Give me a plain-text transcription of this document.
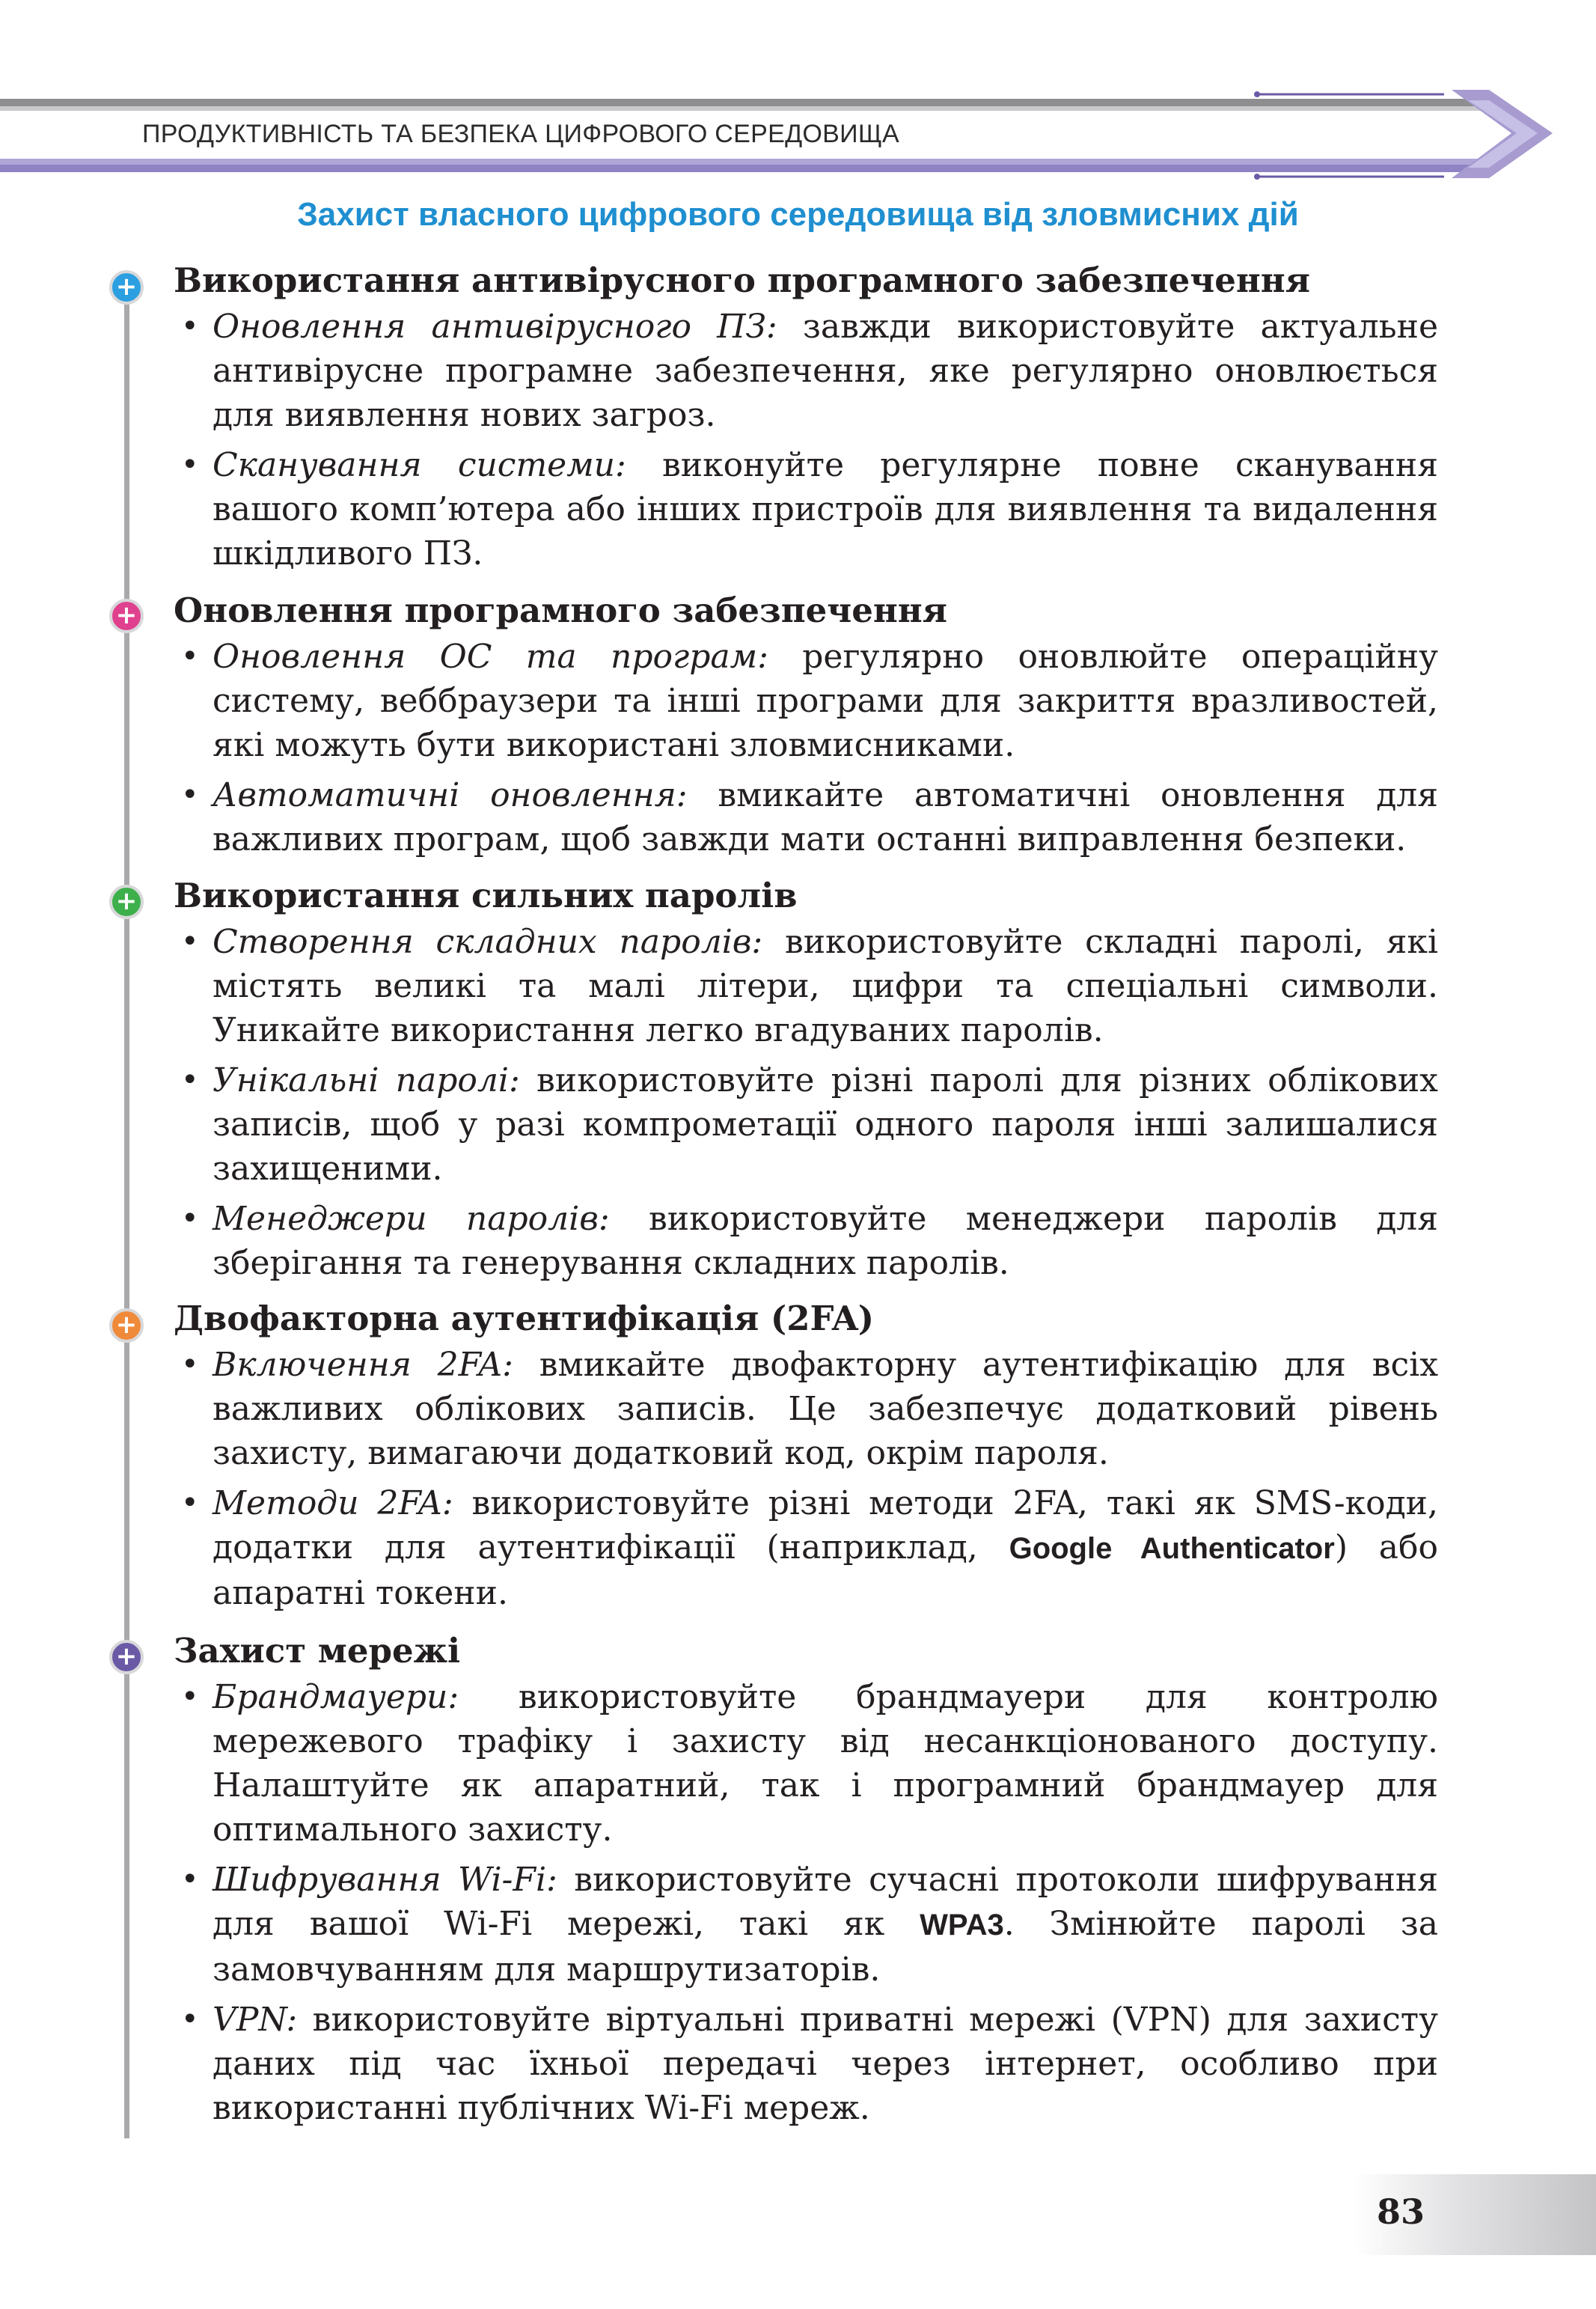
ПРОДУКТИВНІСТЬ ТА БЕЗПЕКА ЦИФРОВОГО СЕРЕДОВИЩА
Захист власного цифрового середовища від зловмисних дій
+
+
+
+
+
Використання антивірусного програмного забезпечення
• Оновлення антивірусного ПЗ: завжди використовуйте актуальне антивірусне програмне забезпечення, яке регулярно оновлюється для виявлення нових загроз.
• Сканування системи: виконуйте регулярне повне сканування вашого комп’ютера або інших пристроїв для виявлення та видалення шкідливого ПЗ.
Оновлення програмного забезпечення
• Оновлення ОС та програм: регулярно оновлюйте операційну систему, веббраузери та інші програми для закриття вразливостей, які можуть бути використані зловмисниками.
• Автоматичні оновлення: вмикайте автоматичні оновлення для важливих програм, щоб завжди мати останні виправлення безпеки.
Використання сильних паролів
• Створення складних паролів: використовуйте складні паролі, які містять великі та малі літери, цифри та спеціальні символи. Уникайте використання легко вгадуваних паролів.
• Унікальні паролі: використовуйте різні паролі для різних облікових записів, щоб у разі компрометації одного пароля інші залишалися захищеними.
• Менеджери паролів: використовуйте менеджери паролів для зберігання та генерування складних паролів.
Двофакторна аутентифікація (2FA)
• Включення 2FA: вмикайте двофакторну аутентифікацію для всіх важливих облікових записів. Це забезпечує додатковий рівень захисту, вимагаючи додатковий код, окрім пароля.
• Методи 2FA: використовуйте різні методи 2FA, такі як SMS-коди, додатки для аутентифікації (наприклад, Google Authenticator) або апаратні токени.
Захист мережі
• Брандмауери: використовуйте брандмауери для контролю мережевого трафіку і захисту від несанкціонованого доступу. Налаштуйте як апаратний, так і програмний брандмауер для оптимального захисту.
• Шифрування Wi-Fi: використовуйте сучасні протоколи шифрування для вашої Wi-Fi мережі, такі як WPA3. Змінюйте паролі за замовчуванням для маршрутизаторів.
• VPN: використовуйте віртуальні приватні мережі (VPN) для захисту даних під час їхньої передачі через інтернет, особливо при використанні публічних Wi-Fi мереж.
83
